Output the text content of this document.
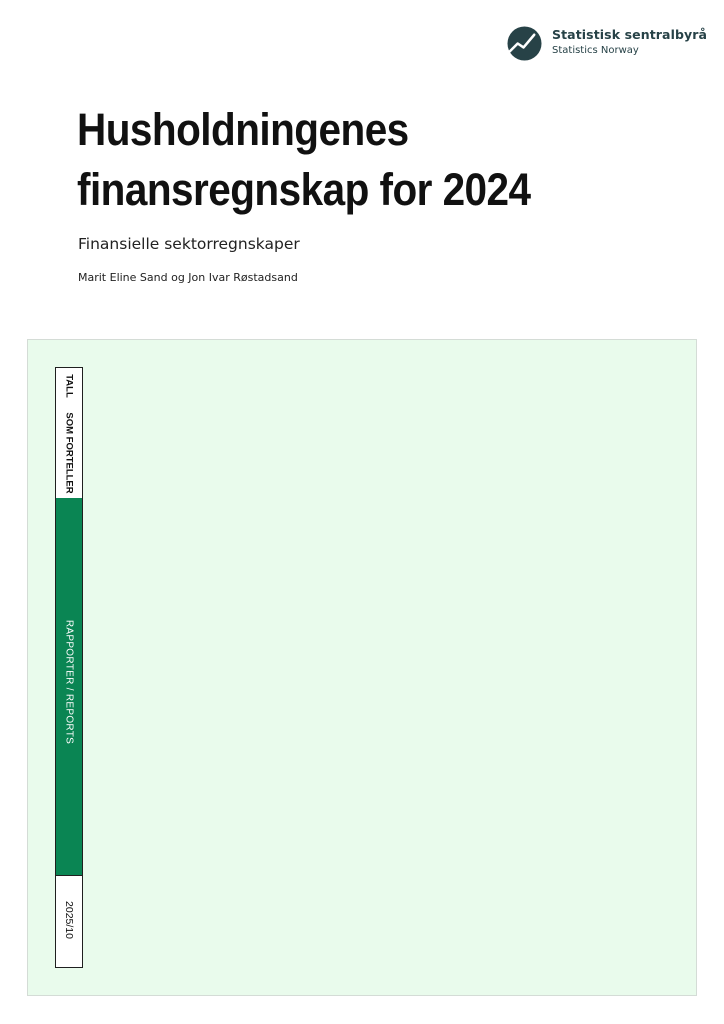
Statistisk sentralbyrå
Statistics Norway
Husholdningenes
finansregnskap for 2024
Finansielle sektorregnskaper
Marit Eline Sand og Jon Ivar Røstadsand
TALL
SOM FORTELLER
RAPPORTER / REPORTS
2025/10
